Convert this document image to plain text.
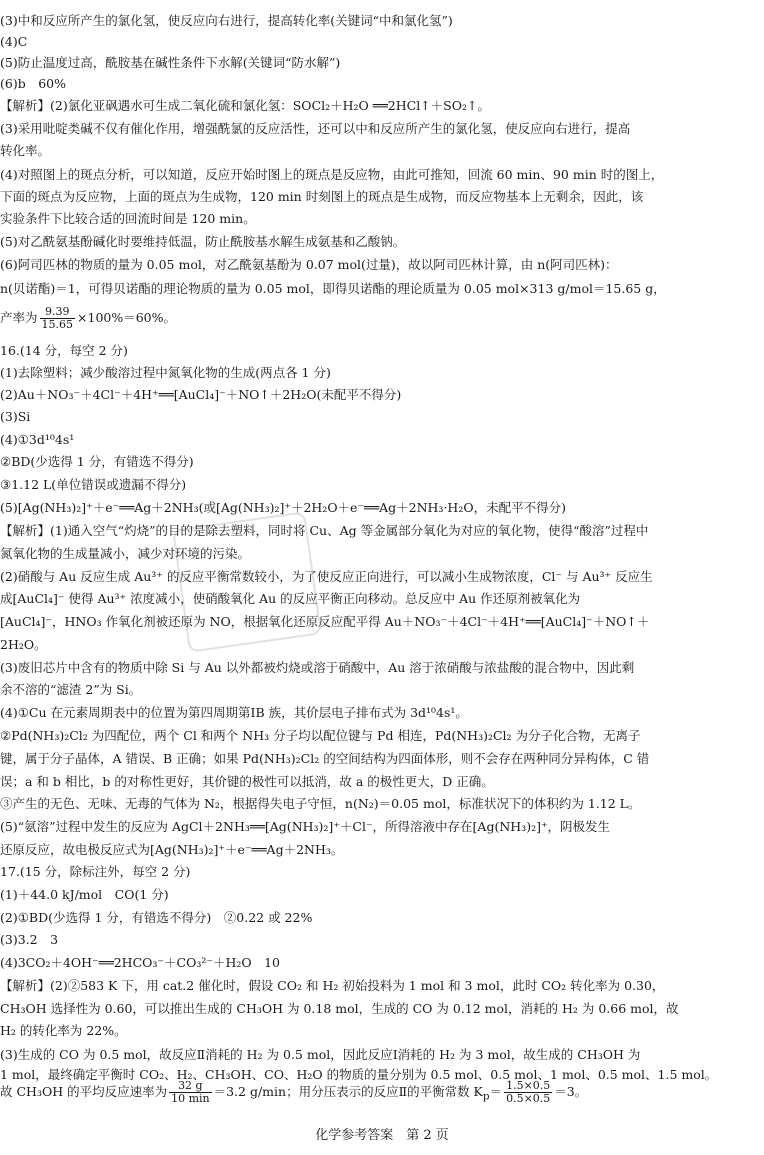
(3)中和反应所产生的氯化氢，使反应向右进行，提高转化率(关键词“中和氯化氢”)
(4)C
(5)防止温度过高，酰胺基在碱性条件下水解(关键词“防水解”)
(6)b　60%
【解析】(2)氯化亚砜遇水可生成二氧化硫和氯化氢：SOCl₂＋H₂O ══2HCl↑＋SO₂↑。
(3)采用吡啶类碱不仅有催化作用，增强酰氯的反应活性，还可以中和反应所产生的氯化氢，使反应向右进行，提高
转化率。
(4)对照图上的斑点分析，可以知道，反应开始时图上的斑点是反应物，由此可推知，回流 60 min、90 min 时的图上，
下面的斑点为反应物，上面的斑点为生成物，120 min 时刻图上的斑点是生成物，而反应物基本上无剩余，因此，该
实验条件下比较合适的回流时间是 120 min。
(5)对乙酰氨基酚碱化时要维持低温，防止酰胺基水解生成氨基和乙酸钠。
(6)阿司匹林的物质的量为 0.05 mol，对乙酰氨基酚为 0.07 mol(过量)，故以阿司匹林计算，由 n(阿司匹林)：
n(贝诺酯)＝1，可得贝诺酯的理论物质的量为 0.05 mol，即得贝诺酯的理论质量为 0.05 mol×313 g/mol＝15.65 g，
16.(14 分，每空 2 分)
(1)去除塑料；减少酸溶过程中氮氧化物的生成(两点各 1 分)
(2)Au＋NO₃⁻＋4Cl⁻＋4H⁺══[AuCl₄]⁻＋NO↑＋2H₂O(未配平不得分)
(3)Si
(4)①3d¹⁰4s¹
②BD(少选得 1 分，有错选不得分)
③1.12 L(单位错误或遗漏不得分)
(5)[Ag(NH₃)₂]⁺＋e⁻══Ag＋2NH₃(或[Ag(NH₃)₂]⁺＋2H₂O＋e⁻══Ag＋2NH₃·H₂O，未配平不得分)
【解析】(1)通入空气“灼烧”的目的是除去塑料，同时将 Cu、Ag 等金属部分氧化为对应的氧化物，使得“酸溶”过程中
氮氧化物的生成量减小，减少对环境的污染。
(2)硝酸与 Au 反应生成 Au³⁺ 的反应平衡常数较小，为了使反应正向进行，可以减小生成物浓度，Cl⁻ 与 Au³⁺ 反应生
成[AuCl₄]⁻ 使得 Au³⁺ 浓度减小，使硝酸氧化 Au 的反应平衡正向移动。总反应中 Au 作还原剂被氧化为
[AuCl₄]⁻，HNO₃ 作氧化剂被还原为 NO，根据氧化还原反应配平得 Au＋NO₃⁻＋4Cl⁻＋4H⁺══[AuCl₄]⁻＋NO↑＋
2H₂O。
(3)废旧芯片中含有的物质中除 Si 与 Au 以外都被灼烧或溶于硝酸中，Au 溶于浓硝酸与浓盐酸的混合物中，因此剩
余不溶的“滤渣 2”为 Si。
(4)①Cu 在元素周期表中的位置为第四周期第ⅠB 族，其价层电子排布式为 3d¹⁰4s¹。
②Pd(NH₃)₂Cl₂ 为四配位，两个 Cl 和两个 NH₃ 分子均以配位键与 Pd 相连，Pd(NH₃)₂Cl₂ 为分子化合物，无离子
键，属于分子晶体，A 错误、B 正确；如果 Pd(NH₃)₂Cl₂ 的空间结构为四面体形，则不会存在两种同分异构体，C 错
误；a 和 b 相比，b 的对称性更好，其价键的极性可以抵消，故 a 的极性更大，D 正确。
③产生的无色、无味、无毒的气体为 N₂，根据得失电子守恒，n(N₂)＝0.05 mol，标准状况下的体积约为 1.12 L。
(5)“氨溶”过程中发生的反应为 AgCl＋2NH₃══[Ag(NH₃)₂]⁺＋Cl⁻，所得溶液中存在[Ag(NH₃)₂]⁺，阴极发生
还原反应，故电极反应式为[Ag(NH₃)₂]⁺＋e⁻══Ag＋2NH₃。
17.(15 分，除标注外，每空 2 分)
(1)＋44.0 kJ/mol　CO(1 分)
(2)①BD(少选得 1 分，有错选不得分)　②0.22 或 22%
(3)3.2　3
(4)3CO₂＋4OH⁻══2HCO₃⁻＋CO₃²⁻＋H₂O　10
【解析】(2)②583 K 下，用 cat.2 催化时，假设 CO₂ 和 H₂ 初始投料为 1 mol 和 3 mol，此时 CO₂ 转化率为 0.30，
CH₃OH 选择性为 0.60，可以推出生成的 CH₃OH 为 0.18 mol，生成的 CO 为 0.12 mol，消耗的 H₂ 为 0.66 mol，故
H₂ 的转化率为 22%。
(3)生成的 CO 为 0.5 mol，故反应Ⅱ消耗的 H₂ 为 0.5 mol，因此反应Ⅰ消耗的 H₂ 为 3 mol，故生成的 CH₃OH 为
1 mol，最终确定平衡时 CO₂、H₂、CH₃OH、CO、H₂O 的物质的量分别为 0.5 mol、0.5 mol、1 mol、0.5 mol、1.5 mol。
产率为 $\frac{9.39}{15.65} \times 100\%=60\%$。
故 CH₃OH 的平均反应速率为 32 g
10 min ＝3.2 g/min；用分压表示的反应Ⅱ的平衡常数 $K_p= \frac{1.5\times 0.5}{0.5\times 0.5} =3$。
化学参考答案　第 2 页
